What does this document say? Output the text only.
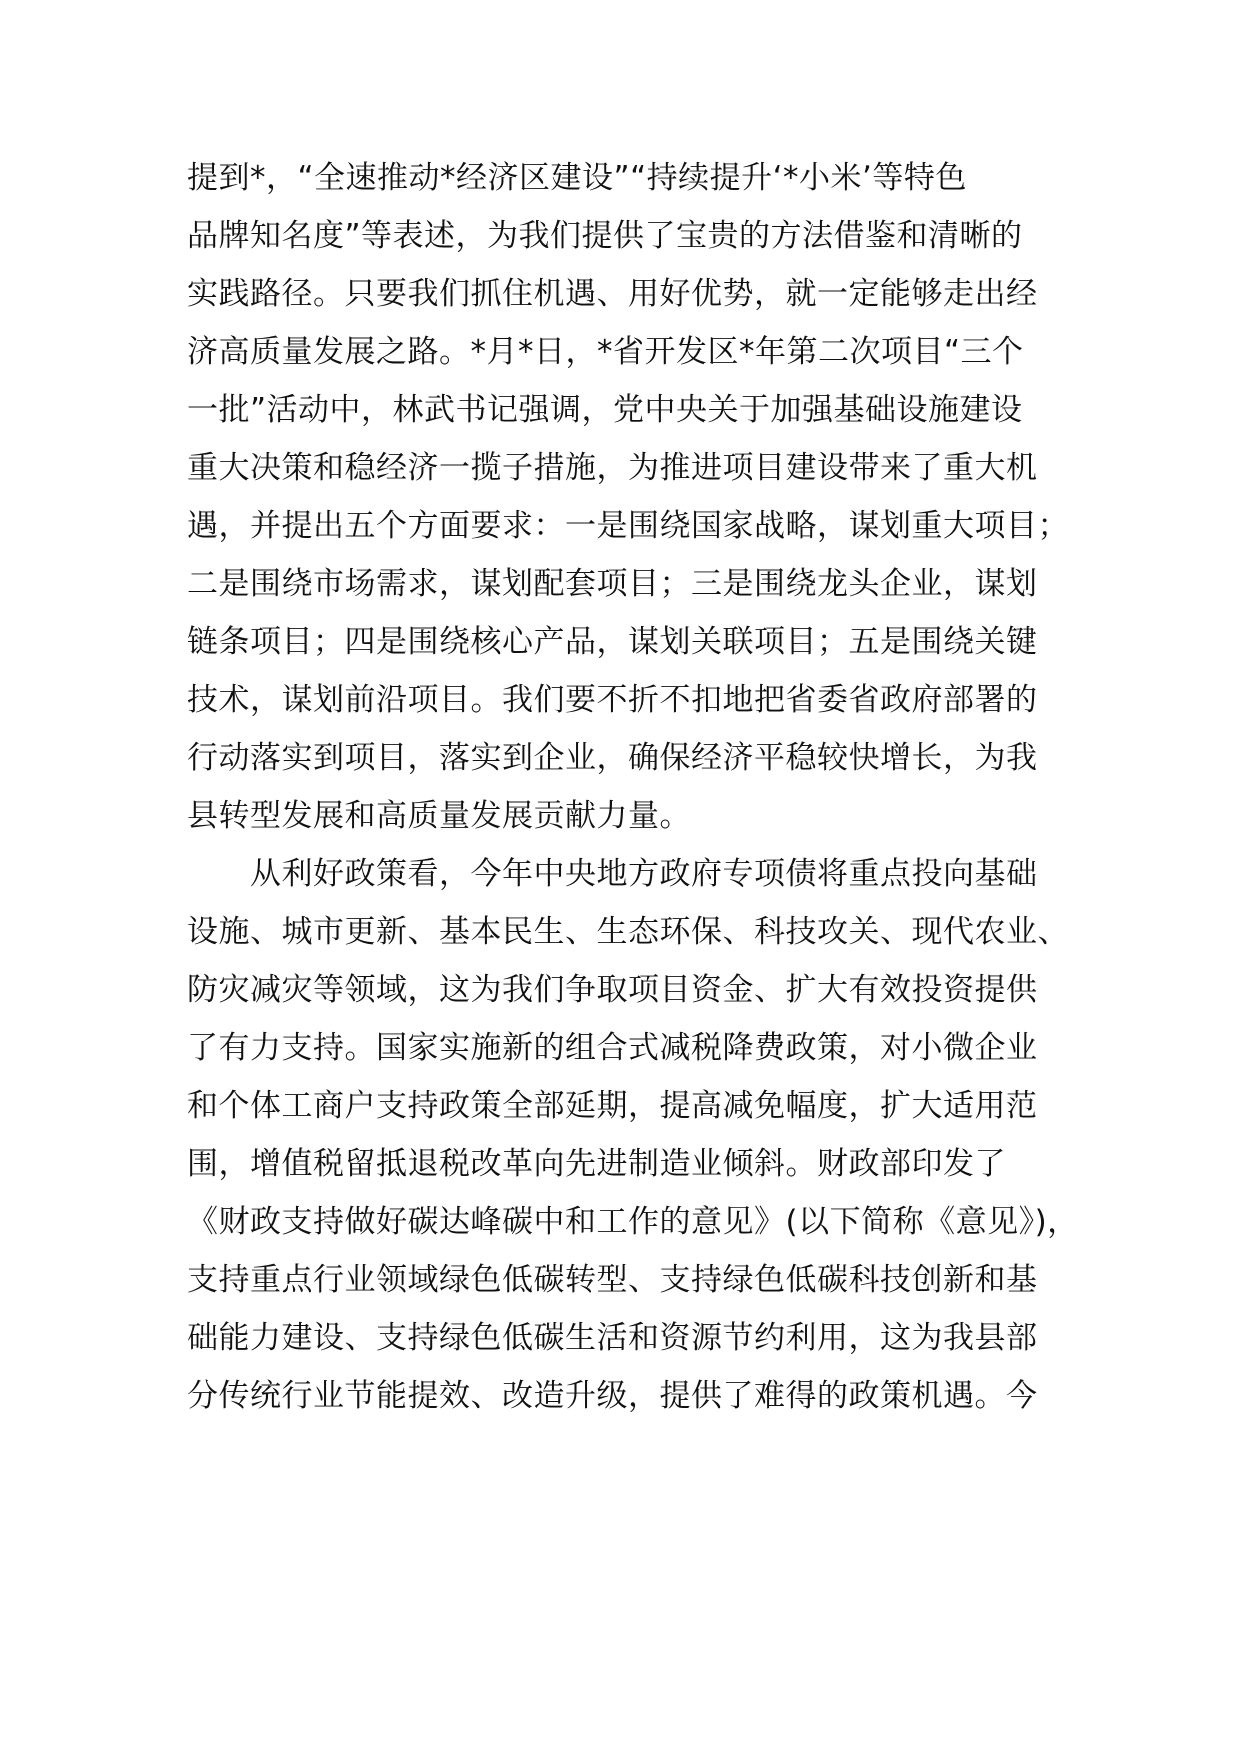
提到*，“全速推动*经济区建设”“持续提升‘*小米’等特色
品牌知名度”等表述，为我们提供了宝贵的方法借鉴和清晰的
实践路径。只要我们抓住机遇、用好优势，就一定能够走出经
济高质量发展之路。*月*日，*省开发区*年第二次项目“三个
一批”活动中，林武书记强调，党中央关于加强基础设施建设
重大决策和稳经济一揽子措施，为推进项目建设带来了重大机
遇，并提出五个方面要求：一是围绕国家战略，谋划重大项目；
二是围绕市场需求，谋划配套项目；三是围绕龙头企业，谋划
链条项目；四是围绕核心产品，谋划关联项目；五是围绕关键
技术，谋划前沿项目。我们要不折不扣地把省委省政府部署的
行动落实到项目，落实到企业，确保经济平稳较快增长，为我
县转型发展和高质量发展贡献力量。
从利好政策看，今年中央地方政府专项债将重点投向基础
设施、城市更新、基本民生、生态环保、科技攻关、现代农业、
防灾减灾等领域，这为我们争取项目资金、扩大有效投资提供
了有力支持。国家实施新的组合式减税降费政策，对小微企业
和个体工商户支持政策全部延期，提高减免幅度，扩大适用范
围，增值税留抵退税改革向先进制造业倾斜。财政部印发了
《财政支持做好碳达峰碳中和工作的意见》(以下简称《意见》)，
支持重点行业领域绿色低碳转型、支持绿色低碳科技创新和基
础能力建设、支持绿色低碳生活和资源节约利用，这为我县部
分传统行业节能提效、改造升级，提供了难得的政策机遇。今
